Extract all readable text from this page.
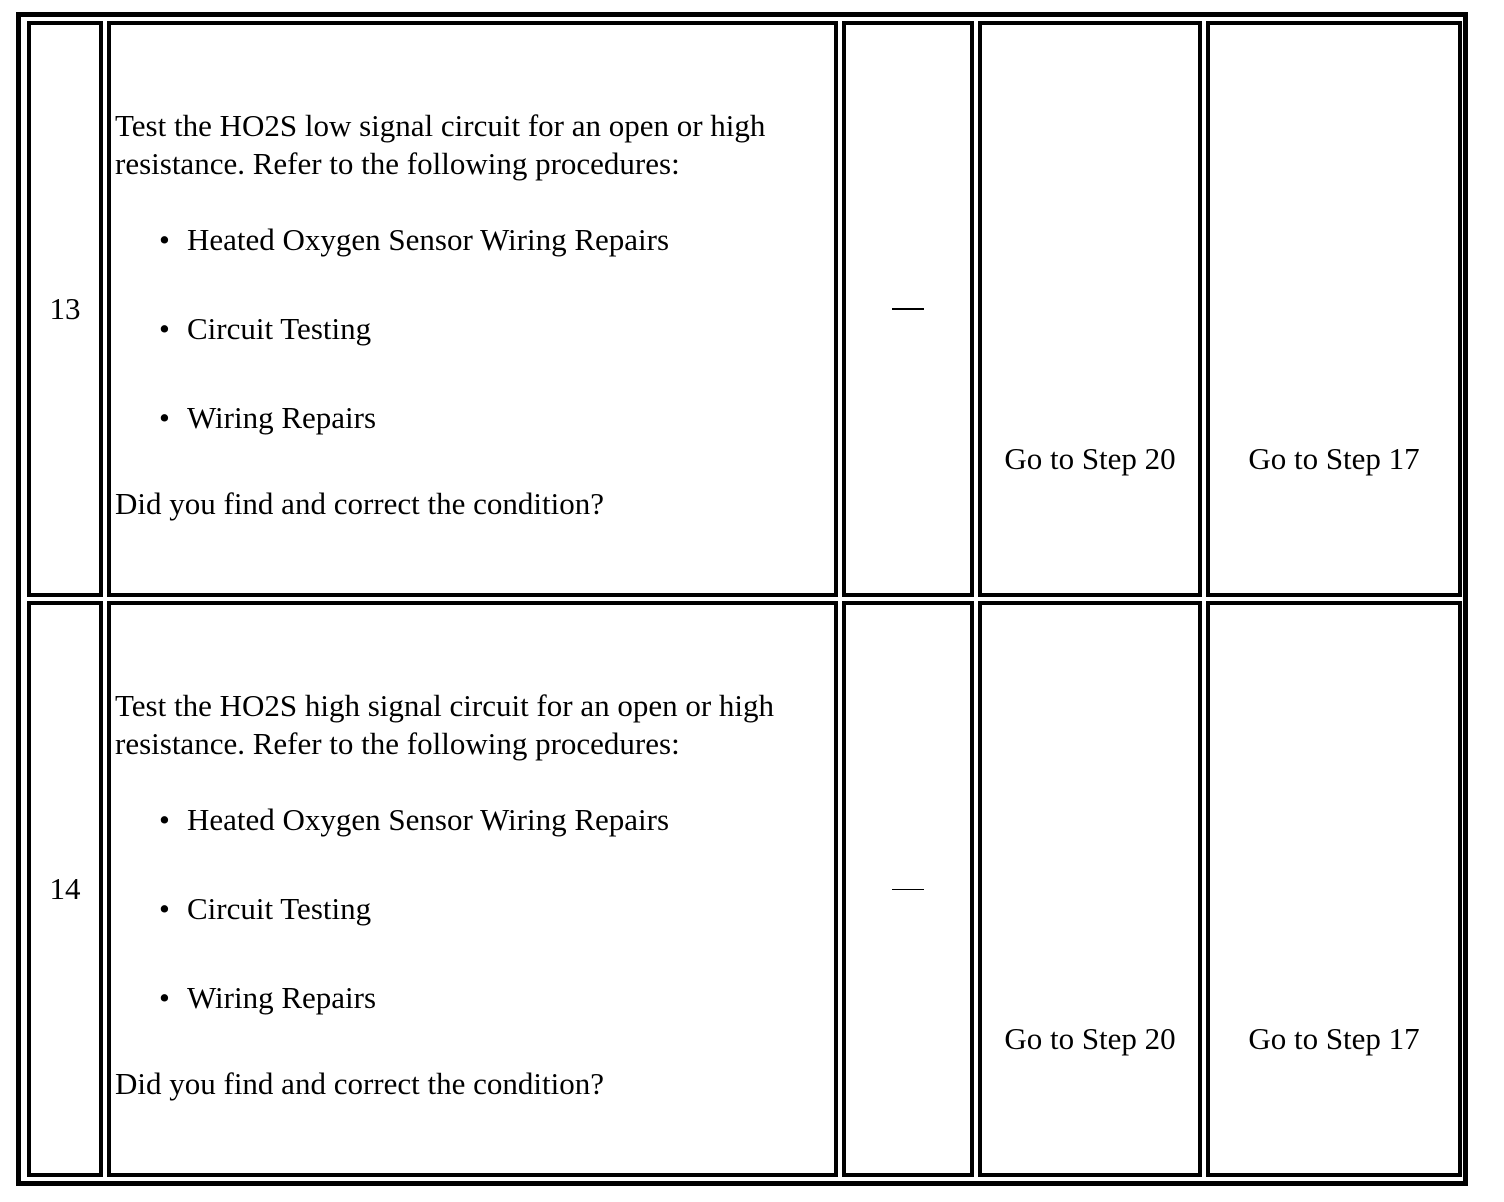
13
Test the HO2S low signal circuit for an open or high resistance. Refer to the following procedures:
• Heated Oxygen Sensor Wiring Repairs
• Circuit Testing
• Wiring Repairs
Did you find and correct the condition?
Go to Step 20	Go to Step 17
14
Test the HO2S high signal circuit for an open or high resistance. Refer to the following procedures:
• Heated Oxygen Sensor Wiring Repairs
• Circuit Testing
• Wiring Repairs
Did you find and correct the condition?
Go to Step 20	Go to Step 17
